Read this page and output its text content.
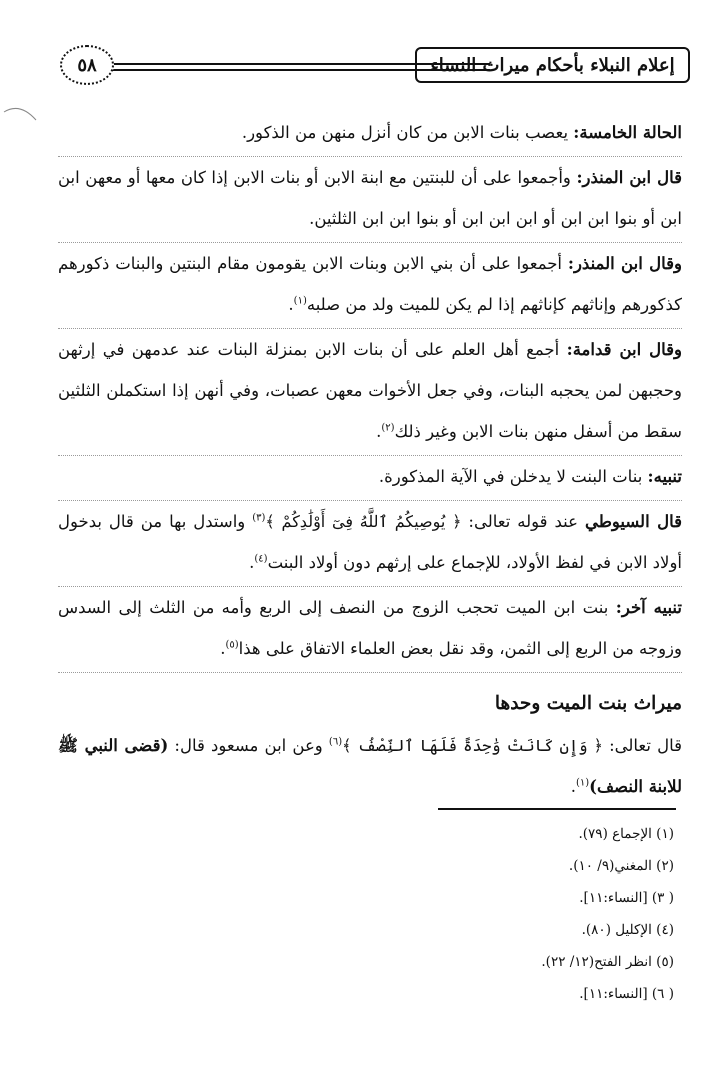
إعلام النبلاء بأحكام ميراث النساء
٥٨

الحالة الخامسة: يعصب بنات الابن من كان أنزل منهن من الذكور.

قال ابن المنذر: وأجمعوا على أن للبنتين مع ابنة الابن أو بنات الابن إذا كان معها أو معهن ابن ابن أو بنوا ابن ابن أو ابن ابن ابن أو بنوا ابن ابن الثلثين.

وقال ابن المنذر: أجمعوا على أن بني الابن وبنات الابن يقومون مقام البنتين والبنات ذكورهم كذكورهم وإناثهم كإناثهم إذا لم يكن للميت ولد من صلبه$^{(١)}$.

وقال ابن قدامة: أجمع أهل العلم على أن بنات الابن بمنزلة البنات عند عدمهن في إرثهن وحجبهن لمن يحجبه البنات، وفي جعل الأخوات معهن عصبات، وفي أنهن إذا استكملن الثلثين سقط من أسفل منهن بنات الابن وغير ذلك$^{(٢)}$.

تنبيه: بنات البنت لا يدخلن في الآية المذكورة.

قال السيوطي عند قوله تعالى: ﴿ يُوصِيكُمُ ٱللَّهُ فِىٓ أَوْلَٰدِكُمْ ﴾$^{(٣)}$ واستدل بها من قال بدخول أولاد الابن في لفظ الأولاد، للإجماع على إرثهم دون أولاد البنت$^{(٤)}$.

تنبيه آخر: بنت ابن الميت تحجب الزوج من النصف إلى الربع وأمه من الثلث إلى السدس وزوجه من الربع إلى الثمن، وقد نقل بعض العلماء الاتفاق على هذا$^{(٥)}$.

ميراث بنت الميت وحدها

قال تعالى: ﴿ وَإِن كَانَتْ وَٰحِدَةً فَلَهَا ٱلنِّصْفُ ﴾$^{(٦)}$ وعن ابن مسعود قال: (قضى النبي ﷺ للابنة النصف)$^{(١)}$.

(١) الإجماع (٧٩).
(٢) المغني(٩/ ١٠).
( ٣) [النساء:١١].
(٤) الإكليل (٨٠).
(٥) انظر الفتح(١٢/ ٢٢).
( ٦) [النساء:١١].
